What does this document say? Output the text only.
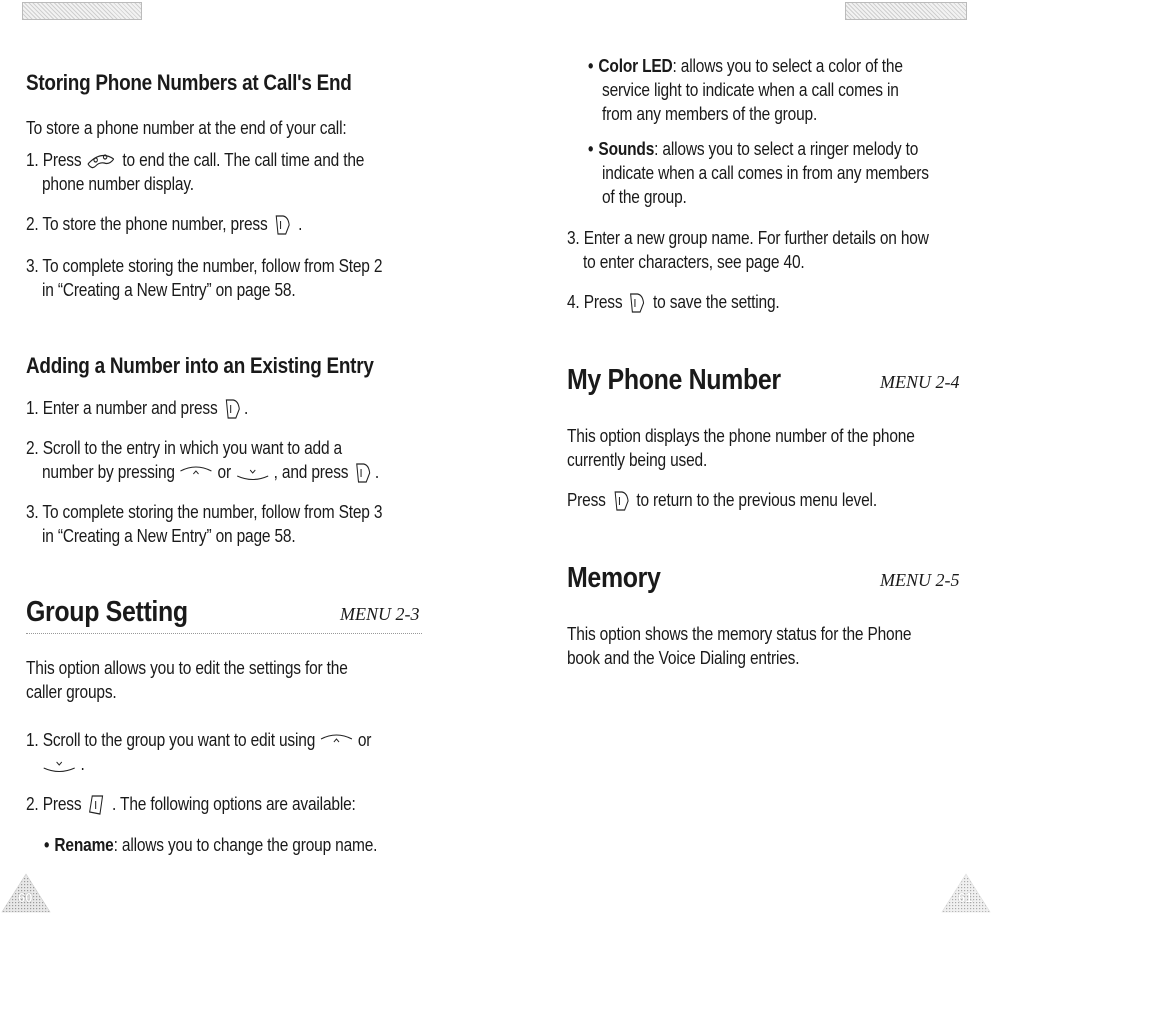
Storing Phone Numbers at Call's End

To store a phone number at the end of your call:

1. Press to end the call. The call time and the

phone number display.

2. To store the phone number, press .

3. To complete storing the number, follow from Step 2

in “Creating a New Entry” on page 58.

Adding a Number into an Existing Entry

1. Enter a number and press .

2. Scroll to the entry in which you want to add a

number by pressing or , and press .

3. To complete storing the number, follow from Step 3

in “Creating a New Entry” on page 58.

Group Setting	MENU 2-3

This option allows you to edit the settings for the

caller groups.

1. Scroll to the group you want to edit using or

.

2. Press . The following options are available:

• Rename: allows you to change the group name.

60

• Color LED: allows you to select a color of the

service light to indicate when a call comes in

from any members of the group.

• Sounds: allows you to select a ringer melody to

indicate when a call comes in from any members

of the group.

3. Enter a new group name. For further details on how

to enter characters, see page 40.

4. Press to save the setting.

My Phone Number	MENU 2-4

This option displays the phone number of the phone

currently being used.

Press to return to the previous menu level.

Memory	MENU 2-5

This option shows the memory status for the Phone

book and the Voice Dialing entries.

61
